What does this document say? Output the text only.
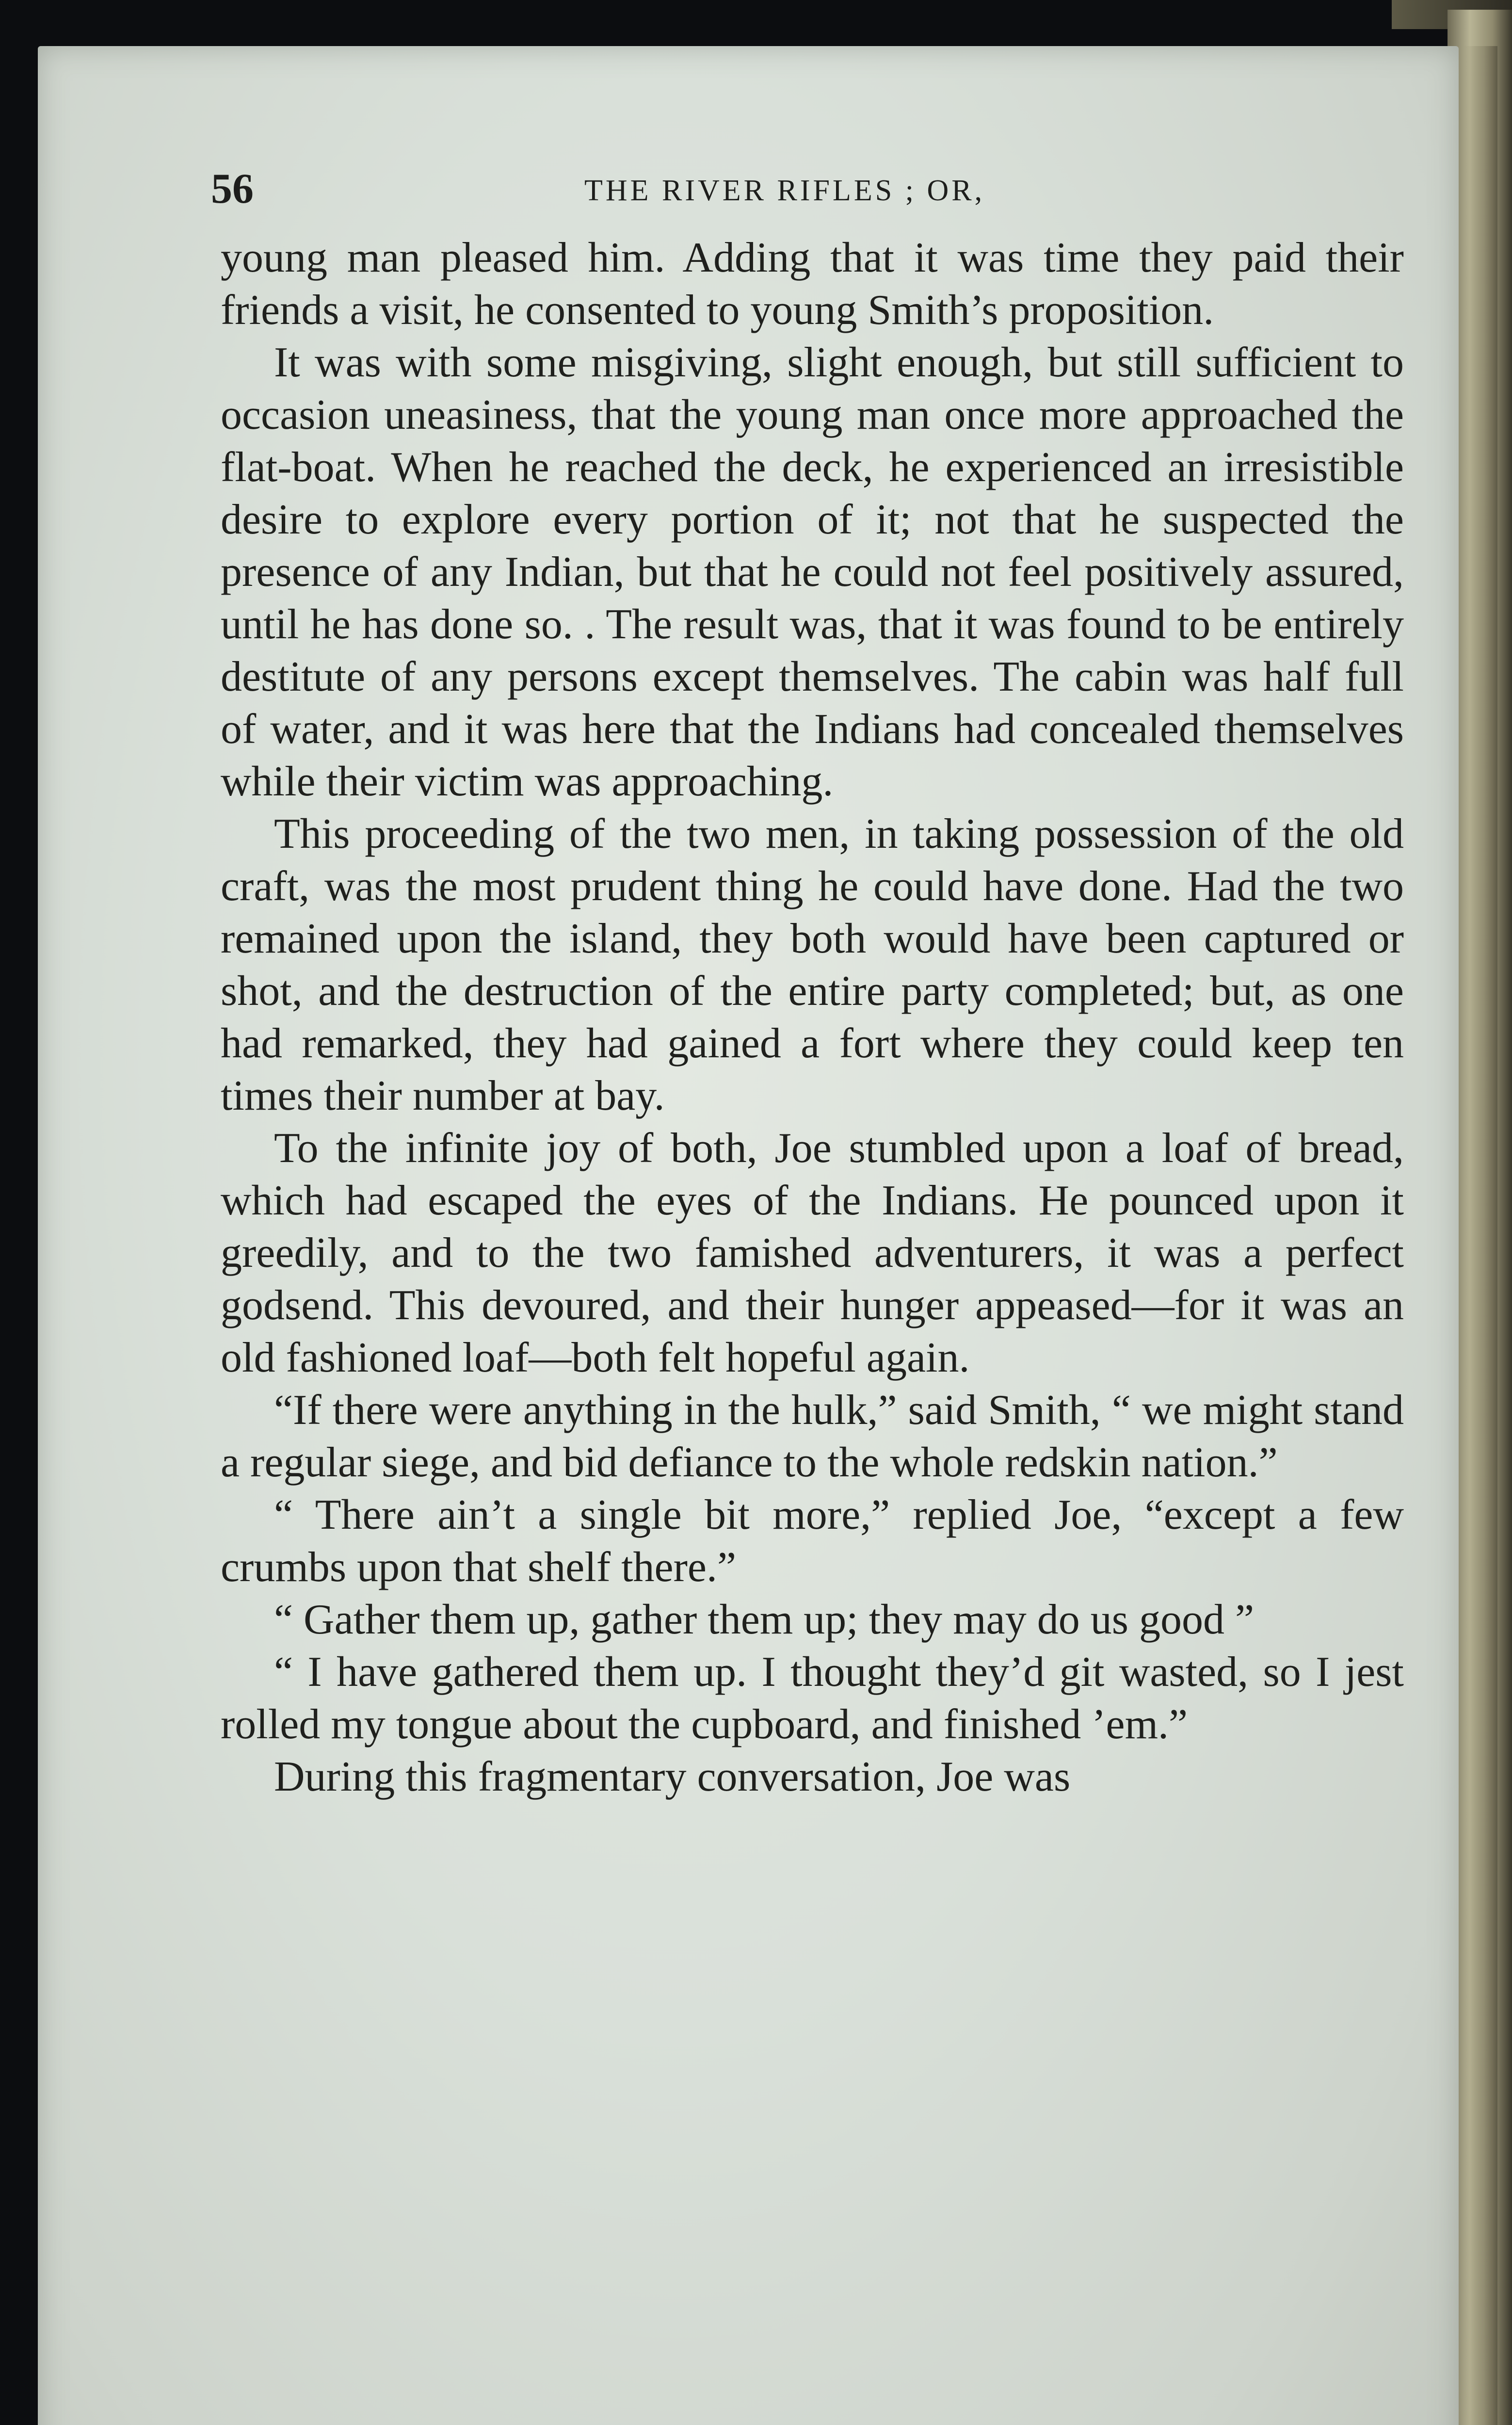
56	THE RIVER RIFLES ; OR,

young man pleased him. Adding that it was time they paid their friends a visit, he consented to young Smith’s proposition.

It was with some misgiving, slight enough, but still sufficient to occasion uneasiness, that the young man once more approached the flat-boat. When he reached the deck, he experienced an irresistible desire to explore every portion of it; not that he suspected the presence of any Indian, but that he could not feel positively assured, until he has done so. . The result was, that it was found to be entirely destitute of any persons except themselves. The cabin was half full of water, and it was here that the Indians had concealed themselves while their victim was approaching.

This proceeding of the two men, in taking possession of the old craft, was the most prudent thing he could have done. Had the two remained upon the island, they both would have been captured or shot, and the destruction of the entire party completed; but, as one had remarked, they had gained a fort where they could keep ten times their number at bay.

To the infinite joy of both, Joe stumbled upon a loaf of bread, which had escaped the eyes of the Indians. He pounced upon it greedily, and to the two famished adventurers, it was a perfect godsend. This devoured, and their hunger appeased—for it was an old fashioned loaf—both felt hopeful again.

“If there were anything in the hulk,” said Smith, “ we might stand a regular siege, and bid defiance to the whole redskin nation.”

“ There ain’t a single bit more,” replied Joe, “except a few crumbs upon that shelf there.”

“ Gather them up, gather them up; they may do us good ”

“ I have gathered them up. I thought they’d git wasted, so I jest rolled my tongue about the cupboard, and finished ’em.”

During this fragmentary conversation, Joe was
